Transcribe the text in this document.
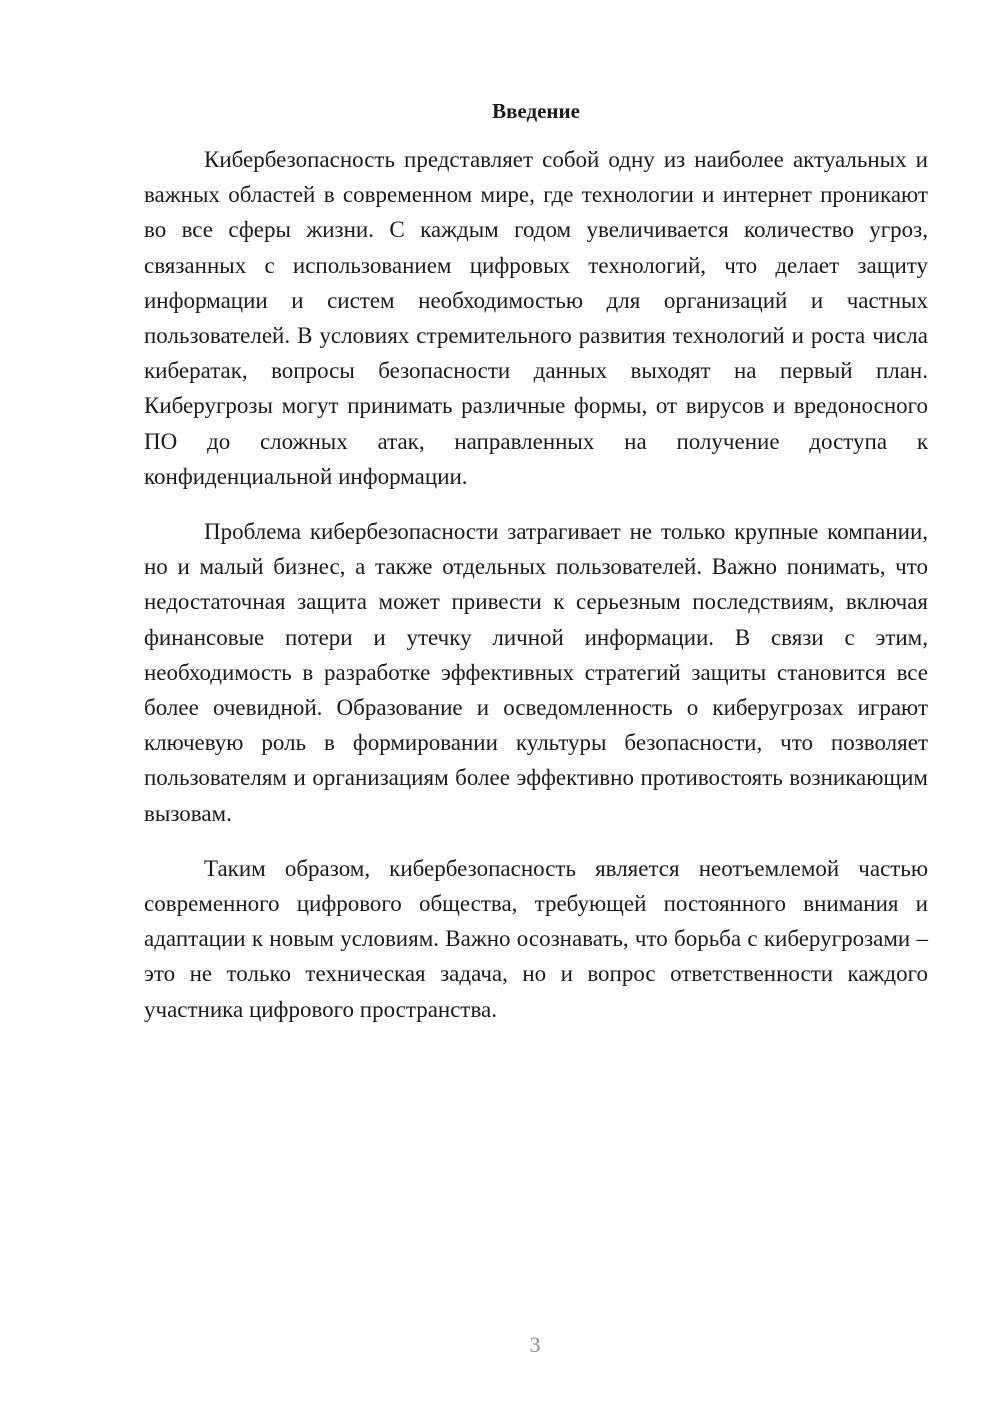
Введение

Кибербезопасность представляет собой одну из наиболее актуальных и важных областей в современном мире, где технологии и интернет проникают во все сферы жизни. С каждым годом увеличивается количество угроз, связанных с использованием цифровых технологий, что делает защиту информации и систем необходимостью для организаций и частных пользователей. В условиях стремительного развития технологий и роста числа кибератак, вопросы безопасности данных выходят на первый план. Киберугрозы могут принимать различные формы, от вирусов и вредоносного ПО до сложных атак, направленных на получение доступа к конфиденциальной информации.

Проблема кибербезопасности затрагивает не только крупные компании, но и малый бизнес, а также отдельных пользователей. Важно понимать, что недостаточная защита может привести к серьезным последствиям, включая финансовые потери и утечку личной информации. В связи с этим, необходимость в разработке эффективных стратегий защиты становится все более очевидной. Образование и осведомленность о киберугрозах играют ключевую роль в формировании культуры безопасности, что позволяет пользователям и организациям более эффективно противостоять возникающим вызовам.

Таким образом, кибербезопасность является неотъемлемой частью современного цифрового общества, требующей постоянного внимания и адаптации к новым условиям. Важно осознавать, что борьба с киберугрозами – это не только техническая задача, но и вопрос ответственности каждого участника цифрового пространства.

3
